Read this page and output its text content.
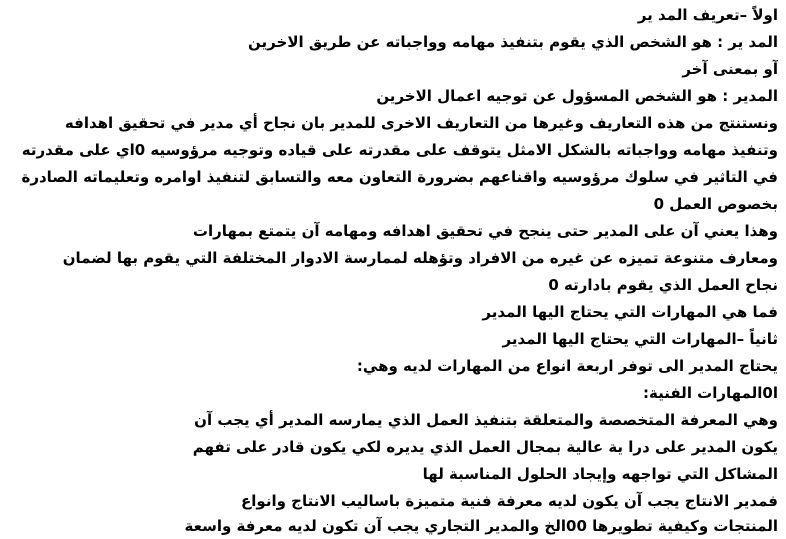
اولاً –تعريف المد ير
المد ير : هو الشخص الذي يقوم بتنفيذ مهامه وواجباته عن طريق الاخرين
آو بمعنى آخر
المدير : هو الشخص المسؤول عن توجيه اعمال الاخرين
ونستنتج من هذه التعاريف وغيرها من التعاريف الاخرى للمدير بان نجاح أي مدير في تحقيق اهدافه
وتنفيذ مهامه وواجباته بالشكل الامثل يتوقف على مقدرته على قياده وتوجيه مرؤوسيه 0اي على مقدرته
في التاثير في سلوك مرؤوسيه واقناعهم بضرورة التعاون معه والتسابق لتنفيذ اوامره وتعليماته الصادرة
بخصوص العمل 0
وهذا يعني آن على المدير حتى ينجح في تحقيق اهدافه ومهامه آن يتمتع بمهارات
ومعارف متنوعة تميزه عن غيره من الافراد وتؤهله لممارسة الادوار المختلفة التي يقوم بها لضمان
نجاح العمل الذي يقوم بادارته 0
فما هي المهارات التي يحتاج اليها المدير
ثانياً –المهارات التي يحتاج اليها المدير
يحتاج المدير الى توفر اربعة انواع من المهارات لديه وهي:
ا0المهارات الفنية:
وهي المعرفة المتخصصة والمتعلقة بتنفيذ العمل الذي يمارسه المدير أي يجب آن
يكون المدير على درا ية عالية بمجال العمل الذي يديره لكي يكون قادر على تفهم
المشاكل التي تواجهه وإيجاد الحلول المناسبة لها
فمدير الانتاج يجب آن يكون لديه معرفة فنية متميزة باساليب الانتاج وانواع
المنتجات وكيفية تطويرها 00الخ والمدير التجاري يجب آن تكون لديه معرفة واسعة
